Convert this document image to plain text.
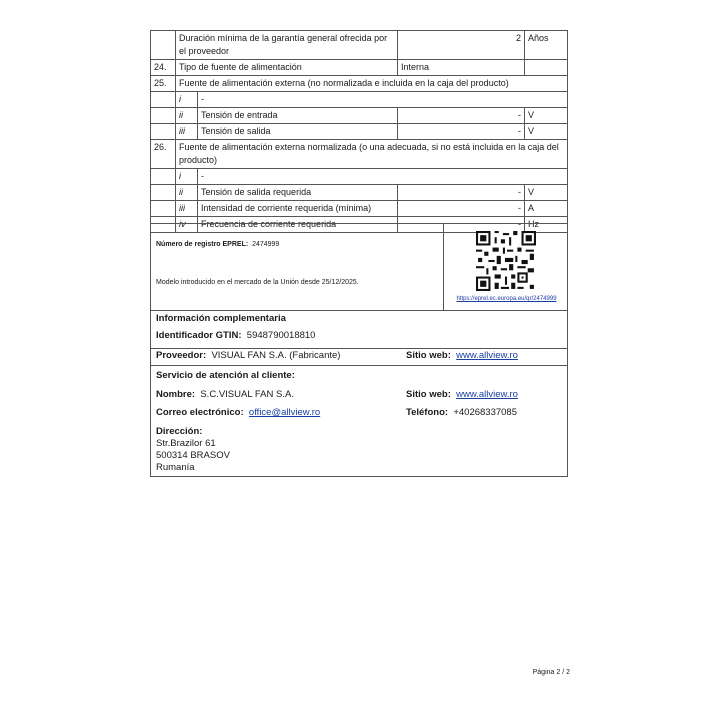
	Duración mínima de la garantía general ofrecida por el proveedor		2	Años
24.	Tipo de fuente de alimentación		Interna	
25.	Fuente de alimentación externa (no normalizada e incluida en la caja del producto)			
	i	-		
	ii	Tensión de entrada	-	V
	iii	Tensión de salida	-	V
26.	Fuente de alimentación externa normalizada (o una adecuada, si no está incluida en la caja del producto)			
	i	-		
	ii	Tensión de salida requerida	-	V
	iii	Intensidad de corriente requerida (mínima)	-	A
	iv	Frecuencia de corriente requerida	-	Hz
Número de registro EPREL: 2474999
Modelo introducido en el mercado de la Unión desde 25/12/2025.
https://eprel.ec.europa.eu/qr/2474999
Información complementaria
Identificador GTIN: 5948790018810
Proveedor: VISUAL FAN S.A. (Fabricante)	Sitio web: www.allview.ro
Servicio de atención al cliente:
Nombre: S.C.VISUAL FAN S.A.	Sitio web: www.allview.ro
Correo electrónico: office@allview.ro	Teléfono: +40268337085
Dirección:
Str.Brazilor 61
500314 BRASOV
Rumanía
Página 2 / 2
